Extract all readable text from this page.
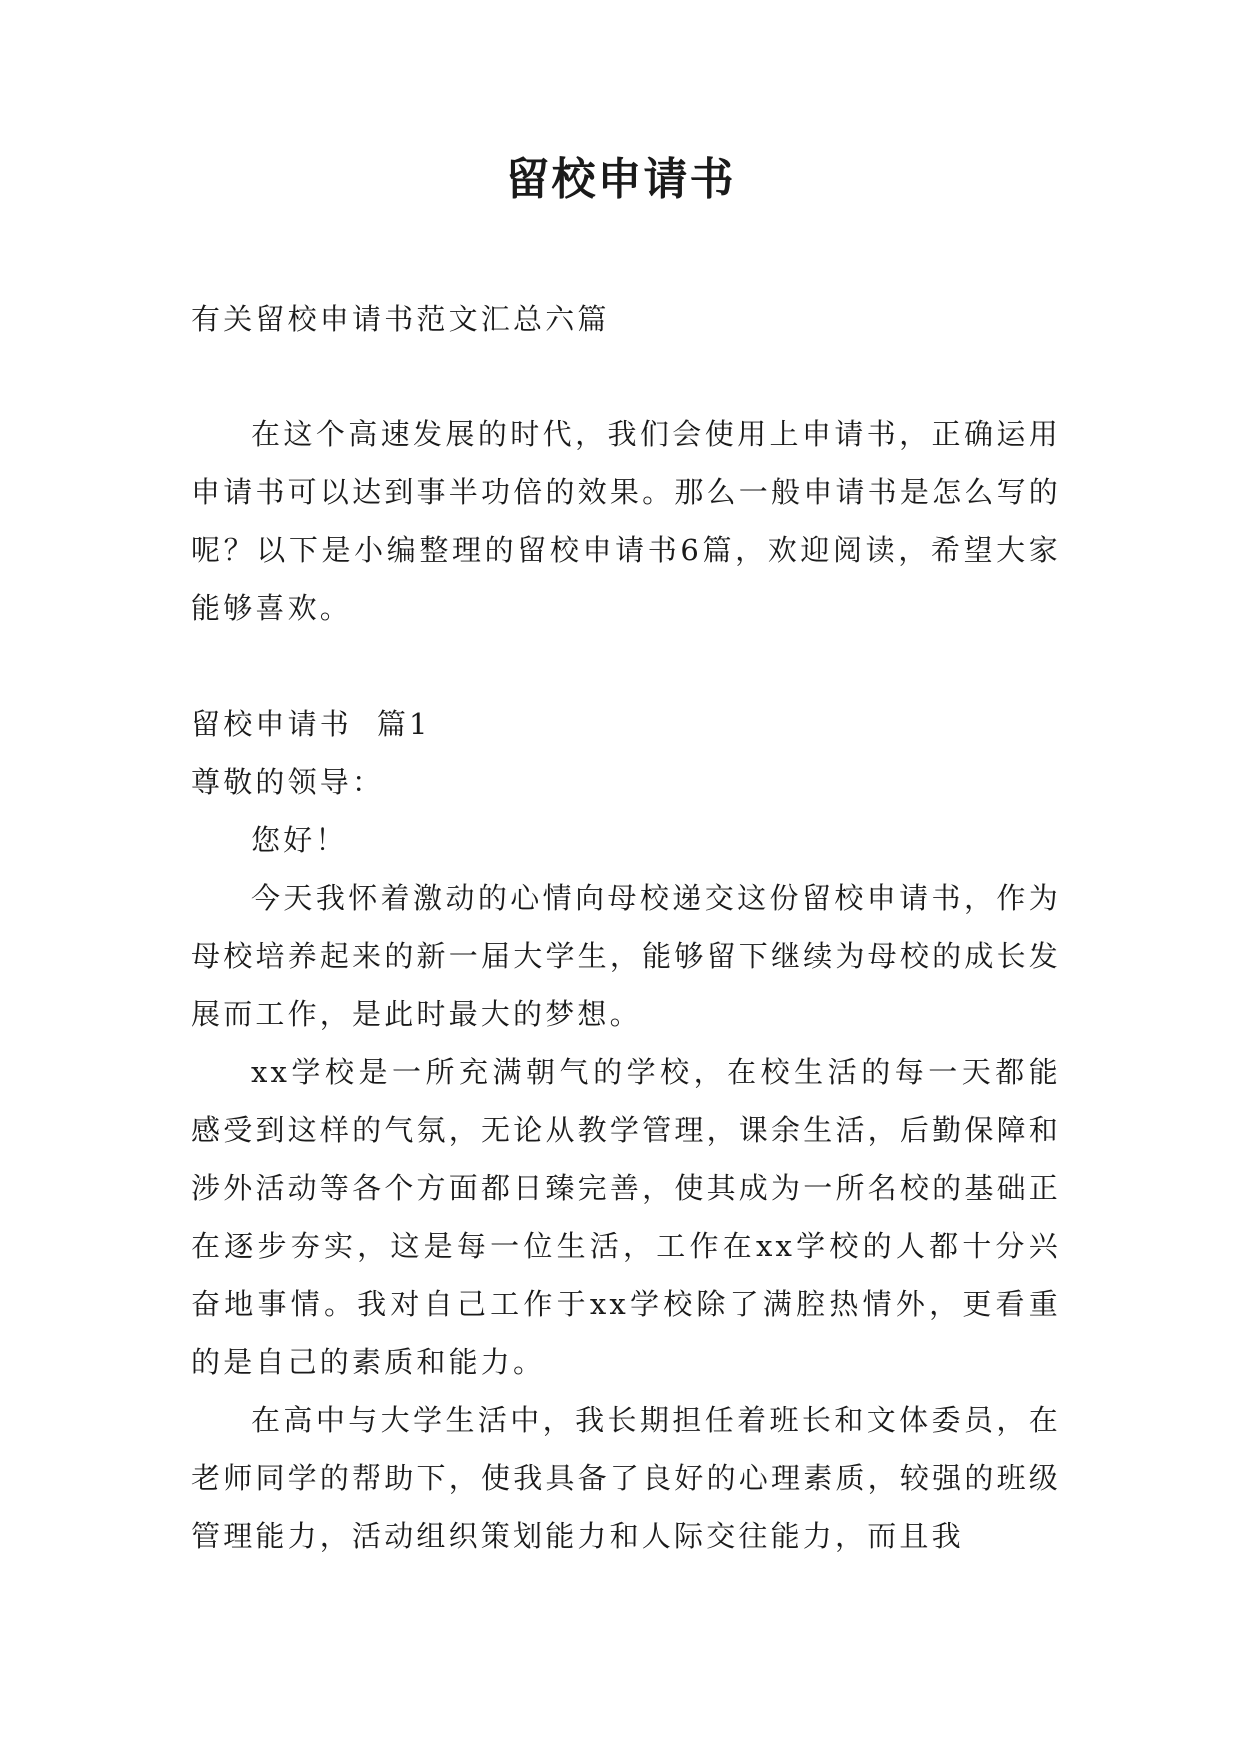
留校申请书

有关留校申请书范文汇总六篇

在这个高速发展的时代，我们会使用上申请书，正确运用申请书可以达到事半功倍的效果。那么一般申请书是怎么写的呢？以下是小编整理的留校申请书6篇，欢迎阅读，希望大家能够喜欢。

留校申请书  篇1

尊敬的领导：

您好！

今天我怀着激动的心情向母校递交这份留校申请书，作为母校培养起来的新一届大学生，能够留下继续为母校的成长发展而工作，是此时最大的梦想。

xx学校是一所充满朝气的学校，在校生活的每一天都能感受到这样的气氛，无论从教学管理，课余生活，后勤保障和涉外活动等各个方面都日臻完善，使其成为一所名校的基础正在逐步夯实，这是每一位生活，工作在xx学校的人都十分兴奋地事情。我对自己工作于xx学校除了满腔热情外，更看重的是自己的素质和能力。

在高中与大学生活中，我长期担任着班长和文体委员，在老师同学的帮助下，使我具备了良好的心理素质，较强的班级管理能力，活动组织策划能力和人际交往能力，而且我
